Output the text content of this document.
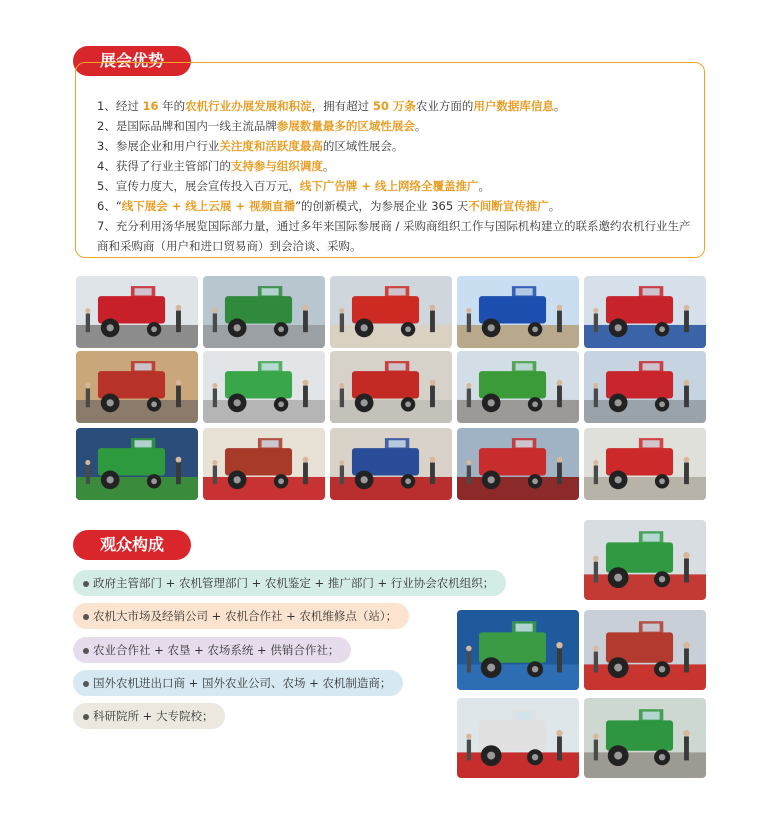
展会优势
1、经过 16 年的农机行业办展发展和积淀，拥有超过 50 万条农业方面的用户数据库信息。
2、是国际品牌和国内一线主流品牌参展数量最多的区域性展会。
3、参展企业和用户行业关注度和活跃度最高的区域性展会。
4、获得了行业主管部门的支持参与组织调度。
5、宣传力度大，展会宣传投入百万元，线下广告牌 + 线上网络全覆盖推广。
6、“线下展会 + 线上云展 + 视频直播”的创新模式，为参展企业 365 天不间断宣传推广。
7、充分利用汤华展览国际部力量，通过多年来国际参展商 / 采购商组织工作与国际机构建立的联系邀约农机行业生产商和采购商（用户和进口贸易商）到会洽谈、采购。
观众构成
政府主管部门 + 农机管理部门 + 农机鉴定 + 推广部门 + 行业协会农机组织；
农机大市场及经销公司 + 农机合作社 + 农机维修点（站）；
农业合作社 + 农垦 + 农场系统 + 供销合作社；
国外农机进出口商 + 国外农业公司、农场 + 农机制造商；
科研院所 + 大专院校；
